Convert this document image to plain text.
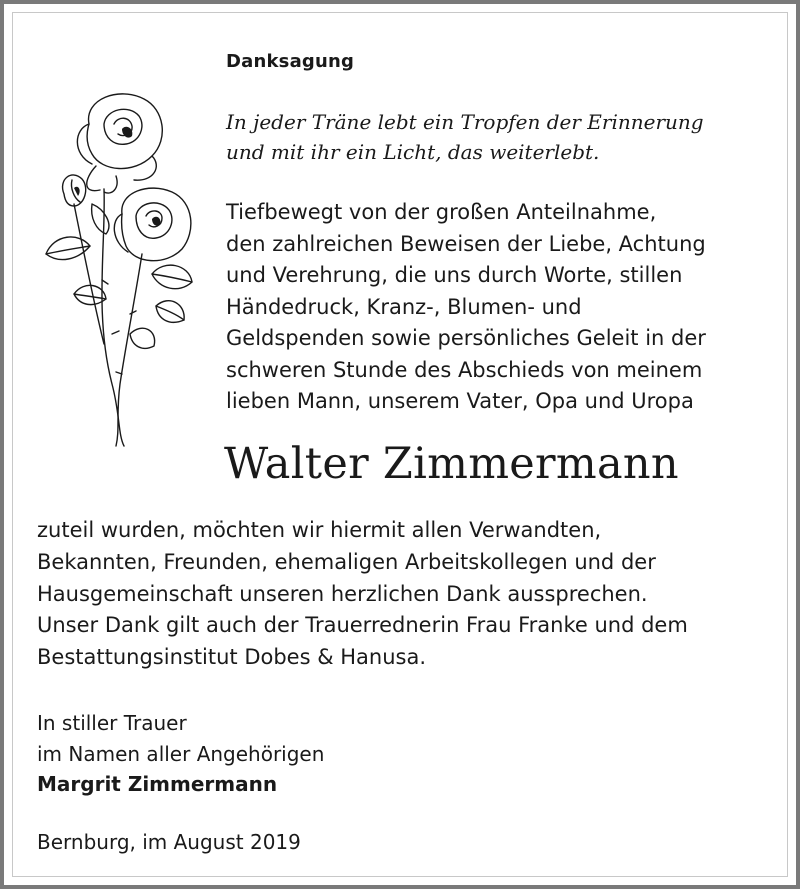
Danksagung
In jeder Träne lebt ein Tropfen der Erinnerung
und mit ihr ein Licht, das weiterlebt.
Tiefbewegt von der großen Anteilnahme,
den zahlreichen Beweisen der Liebe, Achtung
und Verehrung, die uns durch Worte, stillen
Händedruck, Kranz-, Blumen- und
Geldspenden sowie persönliches Geleit in der
schweren Stunde des Abschieds von meinem
lieben Mann, unserem Vater, Opa und Uropa
Walter Zimmermann
zuteil wurden, möchten wir hiermit allen Verwandten,
Bekannten, Freunden, ehemaligen Arbeitskollegen und der
Hausgemeinschaft unseren herzlichen Dank aussprechen.
Unser Dank gilt auch der Trauerrednerin Frau Franke und dem
Bestattungsinstitut Dobes & Hanusa.
In stiller Trauer
im Namen aller Angehörigen
Margrit Zimmermann
Bernburg, im August 2019
